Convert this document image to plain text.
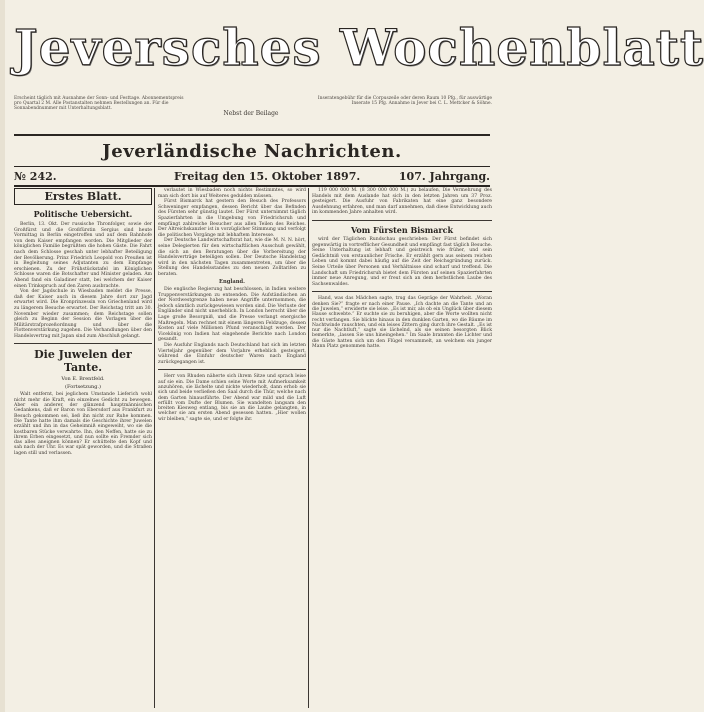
Jeversches Wochenblatt
Erscheint täglich mit Ausnahme der Sonn- und Festtage. Abonnementspreis pro Quartal 2 M. Alle Postanstalten nehmen Bestellungen an. Für die Sonnabendnummer mit Unterhaltungsblatt.
Nebst der Beilage
Inseratengebühr für die Corpuszeile oder deren Raum 10 Pfg., für auswärtige Inserate 15 Pfg. Annahme in Jever bei C. L. Mettcker & Söhne.
Jeverländische Nachrichten.
№ 242.	Freitag den 15. Oktober 1897.	107. Jahrgang.
Erstes Blatt.
Politische Uebersicht.

Berlin, 13. Okt. Der russische Thronfolger, sowie der Großfürst und die Großfürstin Sergius sind heute Vormittag in Berlin eingetroffen und auf dem Bahnhofe von dem Kaiser empfangen worden. Die Mitglieder der königlichen Familie begrüßten die hohen Gäste. Die Fahrt nach dem Schlosse geschah unter lebhafter Beteiligung der Bevölkerung. Prinz Friedrich Leopold von Preußen ist in Begleitung seines Adjutanten zu dem Empfange erschienen. Zu der Frühstückstafel im Königlichen Schlosse waren die Botschafter und Minister geladen. Am Abend fand ein Galadiner statt, bei welchem der Kaiser einen Trinkspruch auf den Zaren ausbrachte.

Von der Jagdschule in Wiesbaden meldet die Presse, daß der Kaiser auch in diesem Jahre dort zur Jagd erwartet wird. Die Kronprinzessin von Griechenland wird zu längerem Besuche erwartet. Der Reichstag tritt am 30. November wieder zusammen; dem Reichstage sollen gleich zu Beginn der Session die Vorlagen über die Militärstrafprozeßordnung und über die Flottenverstärkung zugehen. Die Verhandlungen über den Handelsvertrag mit Japan sind zum Abschluß gelangt.

Die Juwelen der Tante.
Von E. Brentfeld.
(Fortsetzung.)

Walt entfernt, bei jeglichem Umstande Lieferich wohl nicht mehr die Kraft, ein einzelnes Gedicht zu bewegen. Aber ein anderer, der glänzend hauptmännischen Gedankens, daß er Baron von Ebersdorf aus Frankfurt zu Besuch gekommen sei, ließ ihn nicht zur Ruhe kommen. Die Tante hatte ihm damals die Geschichte ihrer Juwelen erzählt und ihn in das Geheimniß eingeweiht, wo sie die kostbaren Stücke verwahrte. Ihn, den Neffen, hatte sie zu ihrem Erben eingesetzt, und nun sollte ein Fremder sich das alles aneignen können? Er schüttelte den Kopf und sah nach der Uhr. Es war spät geworden, und die Straßen lagen still und verlassen.

verlautet in Wiesbaden noch nichts Bestimmtes, so wird man sich dort bis auf Weiteres gedulden müssen.

Fürst Bismarck hat gestern den Besuch des Professors Schweninger empfangen, dessen Bericht über das Befinden des Fürsten sehr günstig lautet. Der Fürst unternimmt täglich Spazierfahrten in die Umgebung von Friedrichsruh und empfängt zahlreiche Besucher aus allen Teilen des Reiches. Der Altreichskanzler ist in vorzüglicher Stimmung und verfolgt die politischen Vorgänge mit lebhaftem Interesse.

Der Deutsche Landwirtschaftsrat hat, wie die M. N. N. hört, seine Delegierten für den wirtschaftlichen Ausschuß gewählt, die sich an den Beratungen über die Vorbereitung der Handelsverträge beteiligen sollen. Der Deutsche Handelstag wird in den nächsten Tagen zusammentreten, um über die Stellung des Handelsstandes zu den neuen Zolltarifen zu beraten.

England.

Die englische Regierung hat beschlossen, in Indien weitere Truppenverstärkungen zu entsenden. Die Aufständischen an der Nordwestgrenze haben neue Angriffe unternommen, die jedoch sämtlich zurückgewiesen worden sind. Die Verluste der Engländer sind nicht unerheblich. In London herrscht über die Lage große Besorgniß, und die Presse verlangt energische Maßregeln. Man rechnet mit einem längeren Feldzuge, dessen Kosten auf viele Millionen Pfund veranschlagt werden. Der Vicekönig von Indien hat eingehende Berichte nach London gesandt.

Die Ausfuhr Englands nach Deutschland hat sich im letzten Vierteljahr gegenüber dem Vorjahre erheblich gesteigert, während die Einfuhr deutscher Waren nach England zurückgegangen ist.

Herr von Rhuden näherte sich ihrem Sitze und sprach leise auf sie ein. Die Dame schien seine Worte mit Aufmerksamkeit anzuhören, sie lächelte und nickte wiederholt, dann erhob sie sich und beide verließen den Saal durch die Thür, welche nach dem Garten hinausführte. Der Abend war mild und die Luft erfüllt vom Dufte der Blumen. Sie wandelten langsam den breiten Kiesweg entlang, bis sie an die Laube gelangten, in welcher sie am ersten Abend gesessen hatten. „Hier wollen wir bleiben,“ sagte sie, und er folgte ihr.

119 000 000 M. (8 300 000 000 M.) zu belaufen, Die Vermehrung des Handels mit dem Auslande hat sich in den letzten Jahren um 37 Proz. gesteigert. Die Ausfuhr von Fabrikaten hat eine ganz besondere Ausdehnung erfahren, und man darf annehmen, daß diese Entwicklung auch im kommenden Jahre anhalten wird.

Vom Fürsten Bismarck

wird der Täglichen Rundschau geschrieben: Der Fürst befindet sich gegenwärtig in vortrefflicher Gesundheit und empfängt fast täglich Besuche. Seine Unterhaltung ist lebhaft und geistreich wie früher, und sein Gedächtniß von erstaunlicher Frische. Er erzählt gern aus seinem reichen Leben und kommt dabei häufig auf die Zeit der Reichsgründung zurück. Seine Urteile über Personen und Verhältnisse sind scharf und treffend. Die Landschaft um Friedrichsruh bietet dem Fürsten auf seinen Spazierfahrten immer neue Anregung, und er freut sich an dem herbstlichen Laube des Sachsenwaldes.

Hand, was das Mädchen sagte, trug das Gepräge der Wahrheit. „Woran denken Sie?“ fragte er nach einer Pause. „Ich dachte an die Tante und an die Juwelen,“ erwiderte sie leise. „Es ist mir, als ob ein Unglück über diesem Hause schwebte.“ Er suchte sie zu beruhigen, aber die Worte wollten nicht recht verfangen. Sie blickte hinaus in den dunklen Garten, wo die Bäume im Nachtwinde rauschten, und ein leises Zittern ging durch ihre Gestalt. „Es ist nur die Nachtluft,“ sagte sie lächelnd, als sie seinen besorgten Blick bemerkte, „lassen Sie uns hineingehen.“ Im Saale brannten die Lichter und die Gäste hatten sich um den Flügel versammelt, an welchem ein junger Mann Platz genommen hatte.
